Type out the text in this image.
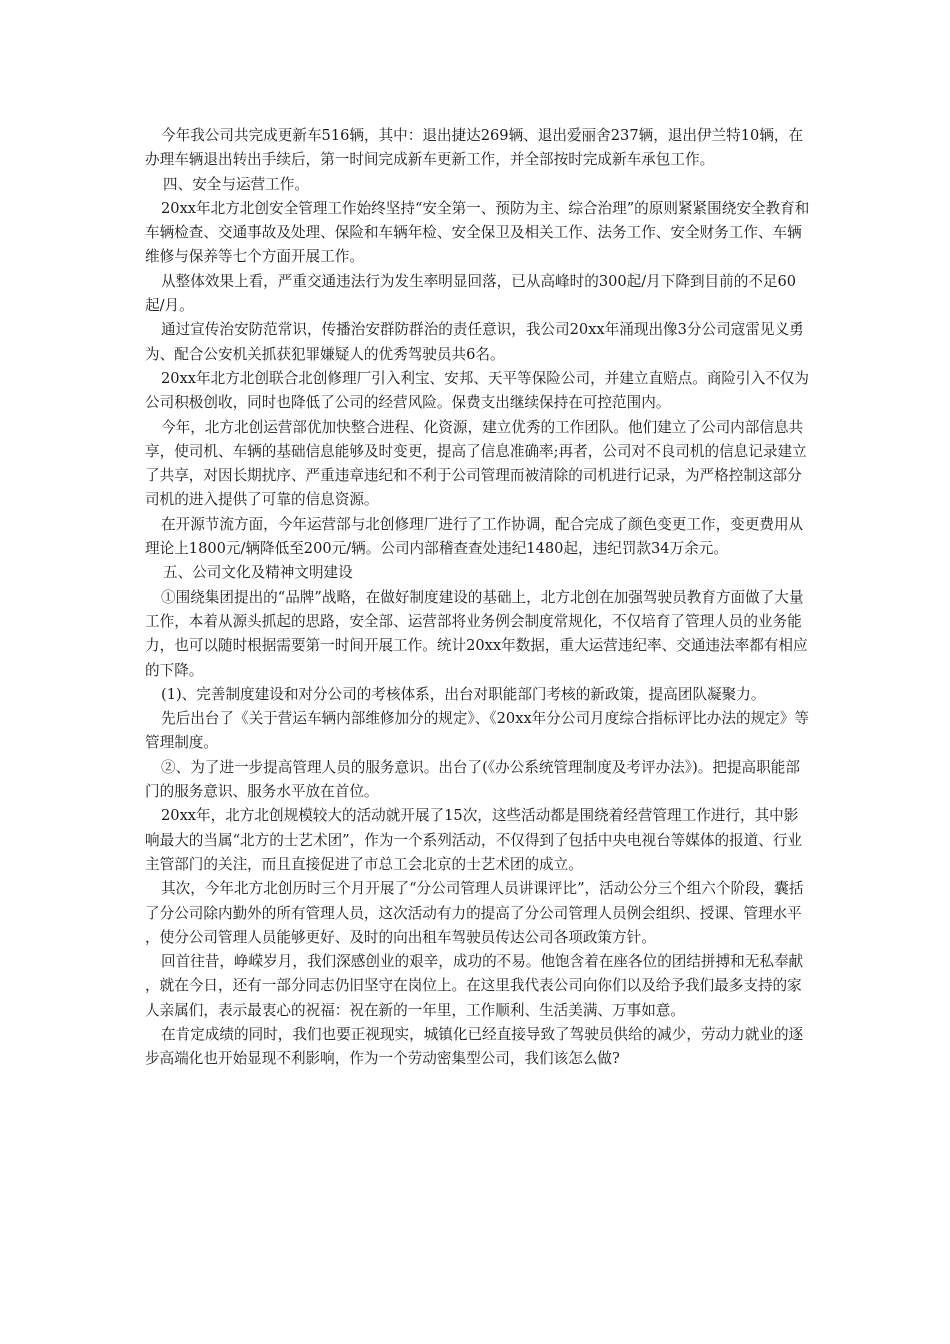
今年我公司共完成更新车516辆，其中：退出捷达269辆、退出爱丽舍237辆，退出伊兰特10辆，在办理车辆退出转出手续后，第一时间完成新车更新工作，并全部按时完成新车承包工作。

四、安全与运营工作。

20xx年北方北创安全管理工作始终坚持“安全第一、预防为主、综合治理”的原则紧紧围绕安全教育和车辆检查、交通事故及处理、保险和车辆年检、安全保卫及相关工作、法务工作、安全财务工作、车辆维修与保养等七个方面开展工作。

从整体效果上看，严重交通违法行为发生率明显回落，已从高峰时的300起/月下降到目前的不足60起/月。

通过宣传治安防范常识，传播治安群防群治的责任意识，我公司20xx年涌现出像3分公司寇雷见义勇为、配合公安机关抓获犯罪嫌疑人的优秀驾驶员共6名。

20xx年北方北创联合北创修理厂引入利宝、安邦、天平等保险公司，并建立直赔点。商险引入不仅为公司积极创收，同时也降低了公司的经营风险。保费支出继续保持在可控范围内。

今年，北方北创运营部优加快整合进程、化资源，建立优秀的工作团队。他们建立了公司内部信息共享，使司机、车辆的基础信息能够及时变更，提高了信息准确率;再者，公司对不良司机的信息记录建立了共享，对因长期扰序、严重违章违纪和不利于公司管理而被清除的司机进行记录，为严格控制这部分司机的进入提供了可靠的信息资源。

在开源节流方面，今年运营部与北创修理厂进行了工作协调，配合完成了颜色变更工作，变更费用从理论上1800元/辆降低至200元/辆。公司内部稽查查处违纪1480起，违纪罚款34万余元。

五、公司文化及精神文明建设

①围绕集团提出的“品牌”战略，在做好制度建设的基础上，北方北创在加强驾驶员教育方面做了大量工作，本着从源头抓起的思路，安全部、运营部将业务例会制度常规化，不仅培育了管理人员的业务能力，也可以随时根据需要第一时间开展工作。统计20xx年数据，重大运营违纪率、交通违法率都有相应的下降。

(1)、完善制度建设和对分公司的考核体系，出台对职能部门考核的新政策，提高团队凝聚力。

先后出台了《关于营运车辆内部维修加分的规定》、《20xx年分公司月度综合指标评比办法的规定》等管理制度。

②、为了进一步提高管理人员的服务意识。出台了(《办公系统管理制度及考评办法》)。把提高职能部门的服务意识、服务水平放在首位。

20xx年，北方北创规模较大的活动就开展了15次，这些活动都是围绕着经营管理工作进行，其中影响最大的当属“北方的士艺术团”，作为一个系列活动，不仅得到了包括中央电视台等媒体的报道、行业主管部门的关注，而且直接促进了市总工会北京的士艺术团的成立。

其次，今年北方北创历时三个月开展了“分公司管理人员讲课评比”，活动公分三个组六个阶段，囊括了分公司除内勤外的所有管理人员，这次活动有力的提高了分公司管理人员例会组织、授课、管理水平，使分公司管理人员能够更好、及时的向出租车驾驶员传达公司各项政策方针。

回首往昔，峥嵘岁月，我们深感创业的艰辛，成功的不易。他饱含着在座各位的团结拼搏和无私奉献，就在今日，还有一部分同志仍旧坚守在岗位上。在这里我代表公司向你们以及给予我们最多支持的家人亲属们，表示最衷心的祝福：祝在新的一年里，工作顺利、生活美满、万事如意。

在肯定成绩的同时，我们也要正视现实，城镇化已经直接导致了驾驶员供给的减少，劳动力就业的逐步高端化也开始显现不利影响，作为一个劳动密集型公司，我们该怎么做?
